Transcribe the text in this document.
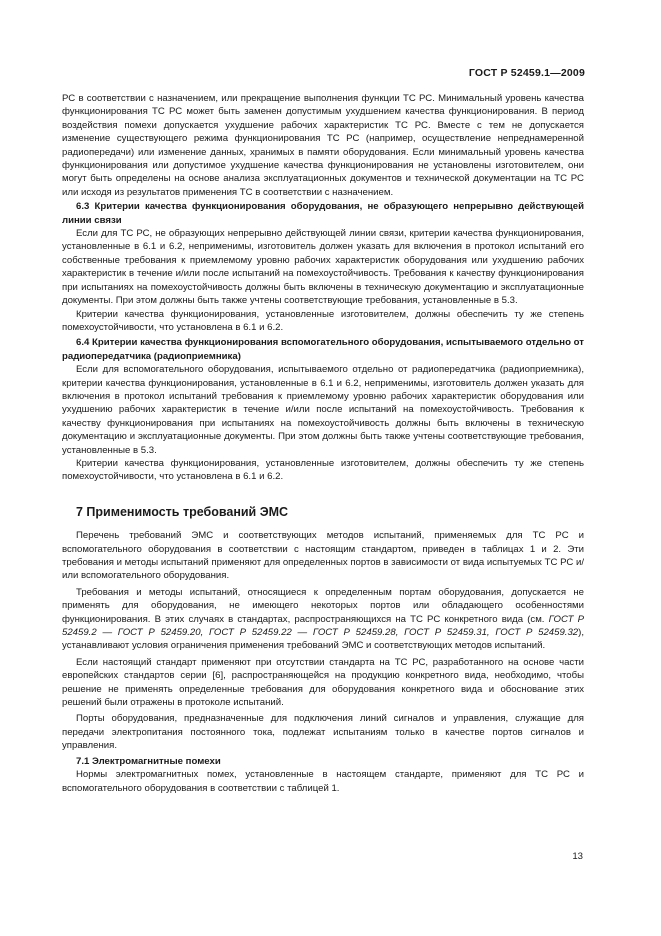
ГОСТ Р 52459.1—2009

РС в соответствии с назначением, или прекращение выполнения функции ТС РС. Минимальный уровень качества функционирования ТС РС может быть заменен допустимым ухудшением качества функционирования. В период воздействия помехи допускается ухудшение рабочих характеристик ТС РС. Вместе с тем не допускается изменение существующего режима функционирования ТС РС (например, осуществление непреднамеренной радиопередачи) или изменение данных, хранимых в памяти оборудования. Если минимальный уровень качества функционирования или допустимое ухудшение качества функционирования не установлены изготовителем, они могут быть определены на основе анализа эксплуатационных документов и технической документации на ТС РС или исходя из результатов применения ТС в соответствии с назначением.

6.3 Критерии качества функционирования оборудования, не образующего непрерывно действующей линии связи

Если для ТС РС, не образующих непрерывно действующей линии связи, критерии качества функционирования, установленные в 6.1 и 6.2, неприменимы, изготовитель должен указать для включения в протокол испытаний его собственные требования к приемлемому уровню рабочих характеристик оборудования или ухудшению рабочих характеристик в течение и/или после испытаний на помехоустойчивость. Требования к качеству функционирования при испытаниях на помехоустойчивость должны быть включены в техническую документацию и эксплуатационные документы. При этом должны быть также учтены соответствующие требования, установленные в 5.3.

Критерии качества функционирования, установленные изготовителем, должны обеспечить ту же степень помехоустойчивости, что установлена в 6.1 и 6.2.

6.4 Критерии качества функционирования вспомогательного оборудования, испытываемого отдельно от радиопередатчика (радиоприемника)

Если для вспомогательного оборудования, испытываемого отдельно от радиопередатчика (радиоприемника), критерии качества функционирования, установленные в 6.1 и 6.2, неприменимы, изготовитель должен указать для включения в протокол испытаний требования к приемлемому уровню рабочих характеристик оборудования или ухудшению рабочих характеристик в течение и/или после испытаний на помехоустойчивость. Требования к качеству функционирования при испытаниях на помехоустойчивость должны быть включены в техническую документацию и эксплуатационные документы. При этом должны быть также учтены соответствующие требования, установленные в 5.3.

Критерии качества функционирования, установленные изготовителем, должны обеспечить ту же степень помехоустойчивости, что установлена в 6.1 и 6.2.

7 Применимость требований ЭМС

Перечень требований ЭМС и соответствующих методов испытаний, применяемых для ТС РС и вспомогательного оборудования в соответствии с настоящим стандартом, приведен в таблицах 1 и 2. Эти требования и методы испытаний применяют для определенных портов в зависимости от вида испытуемых ТС РС и/или вспомогательного оборудования.

Требования и методы испытаний, относящиеся к определенным портам оборудования, допускается не применять для оборудования, не имеющего некоторых портов или обладающего особенностями функционирования. В этих случаях в стандартах, распространяющихся на ТС РС конкретного вида (см. ГОСТ Р 52459.2 — ГОСТ Р 52459.20, ГОСТ Р 52459.22 — ГОСТ Р 52459.28, ГОСТ Р 52459.31, ГОСТ Р 52459.32), устанавливают условия ограничения применения требований ЭМС и соответствующих методов испытаний.

Если настоящий стандарт применяют при отсутствии стандарта на ТС РС, разработанного на основе части европейских стандартов серии [6], распространяющейся на продукцию конкретного вида, необходимо, чтобы решение не применять определенные требования для оборудования конкретного вида и обоснование этих решений были отражены в протоколе испытаний.

Порты оборудования, предназначенные для подключения линий сигналов и управления, служащие для передачи электропитания постоянного тока, подлежат испытаниям только в качестве портов сигналов и управления.

7.1 Электромагнитные помехи

Нормы электромагнитных помех, установленные в настоящем стандарте, применяют для ТС РС и вспомогательного оборудования в соответствии с таблицей 1.

13
